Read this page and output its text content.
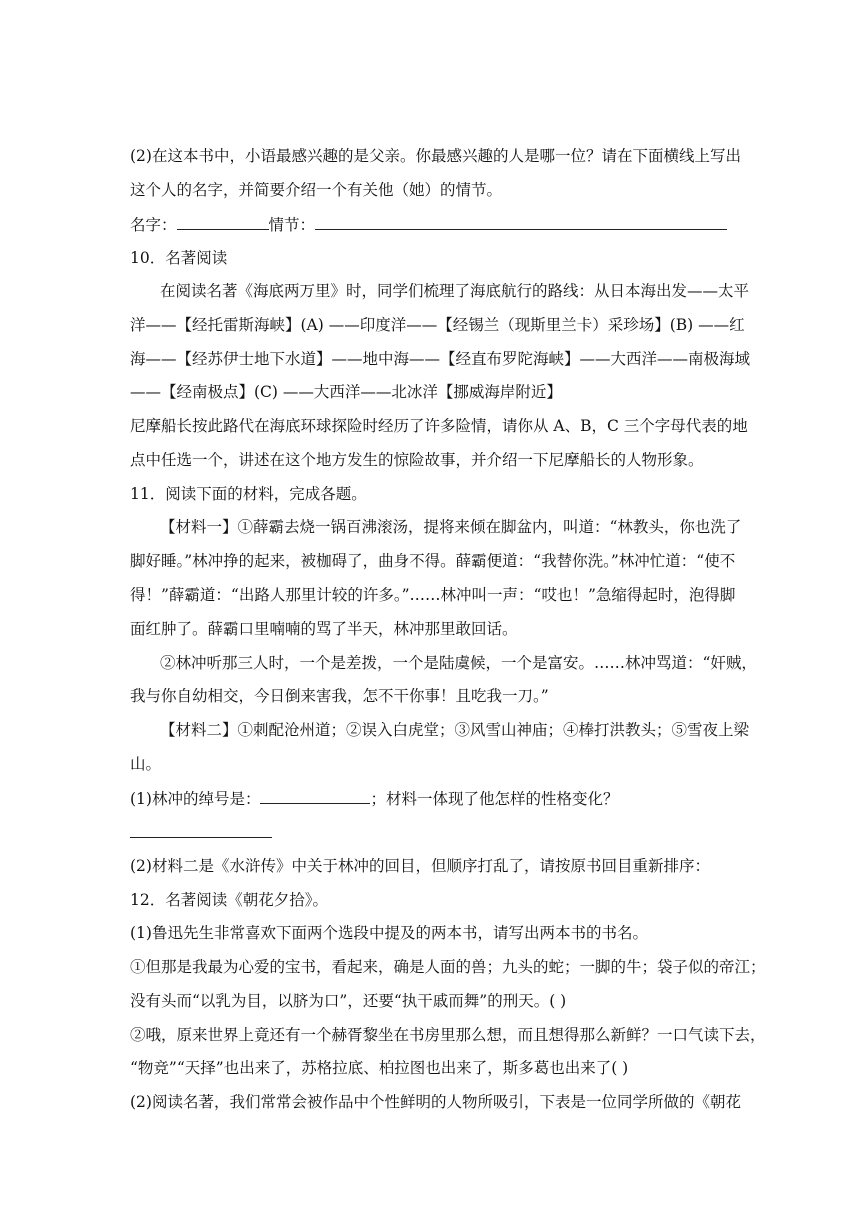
(2)在这本书中，小语最感兴趣的是父亲。你最感兴趣的人是哪一位？请在下面横线上写出
这个人的名字，并简要介绍一个有关他（她）的情节。
名字：	情节：
10．名著阅读
在阅读名著《海底两万里》时，同学们梳理了海底航行的路线：从日本海出发——太平
洋——【经托雷斯海峡】(A) ——印度洋——【经锡兰（现斯里兰卡）采珍场】(B) ——红
海——【经苏伊士地下水道】——地中海——【经直布罗陀海峡】——大西洋——南极海域
——【经南极点】(C) ——大西洋——北冰洋【挪威海岸附近】
尼摩船长按此路代在海底环球探险时经历了许多险情，请你从 A、B，C 三个字母代表的地
点中任选一个，讲述在这个地方发生的惊险故事，并介绍一下尼摩船长的人物形象。
11．阅读下面的材料，完成各题。
【材料一】①薛霸去烧一锅百沸滚汤，提将来倾在脚盆内，叫道：“林教头，你也洗了
脚好睡。”林冲挣的起来，被枷碍了，曲身不得。薛霸便道：“我替你洗。”林冲忙道：“使不
得！”薛霸道：“出路人那里计较的许多。”……林冲叫一声：“哎也！”急缩得起时，泡得脚
面红肿了。薛霸口里喃喃的骂了半天，林冲那里敢回话。
②林冲听那三人时，一个是差拨，一个是陆虞候，一个是富安。……林冲骂道：“奸贼，
我与你自幼相交，今日倒来害我，怎不干你事！且吃我一刀。”
【材料二】①刺配沧州道；②误入白虎堂；③风雪山神庙；④棒打洪教头；⑤雪夜上梁
山。
(1)林冲的绰号是：	；材料一体现了他怎样的性格变化？
(2)材料二是《水浒传》中关于林冲的回目，但顺序打乱了，请按原书回目重新排序：
12．名著阅读《朝花夕拾》。
(1)鲁迅先生非常喜欢下面两个选段中提及的两本书，请写出两本书的书名。
①但那是我最为心爱的宝书，看起来，确是人面的兽；九头的蛇；一脚的牛；袋子似的帝江；
没有头而“以乳为目，以脐为口”，还要“执干戚而舞”的刑天。( )
②哦，原来世界上竟还有一个赫胥黎坐在书房里那么想，而且想得那么新鲜？一口气读下去，
“物竞”“天择”也出来了，苏格拉底、柏拉图也出来了，斯多葛也出来了( )
(2)阅读名著，我们常常会被作品中个性鲜明的人物所吸引，下表是一位同学所做的《朝花
